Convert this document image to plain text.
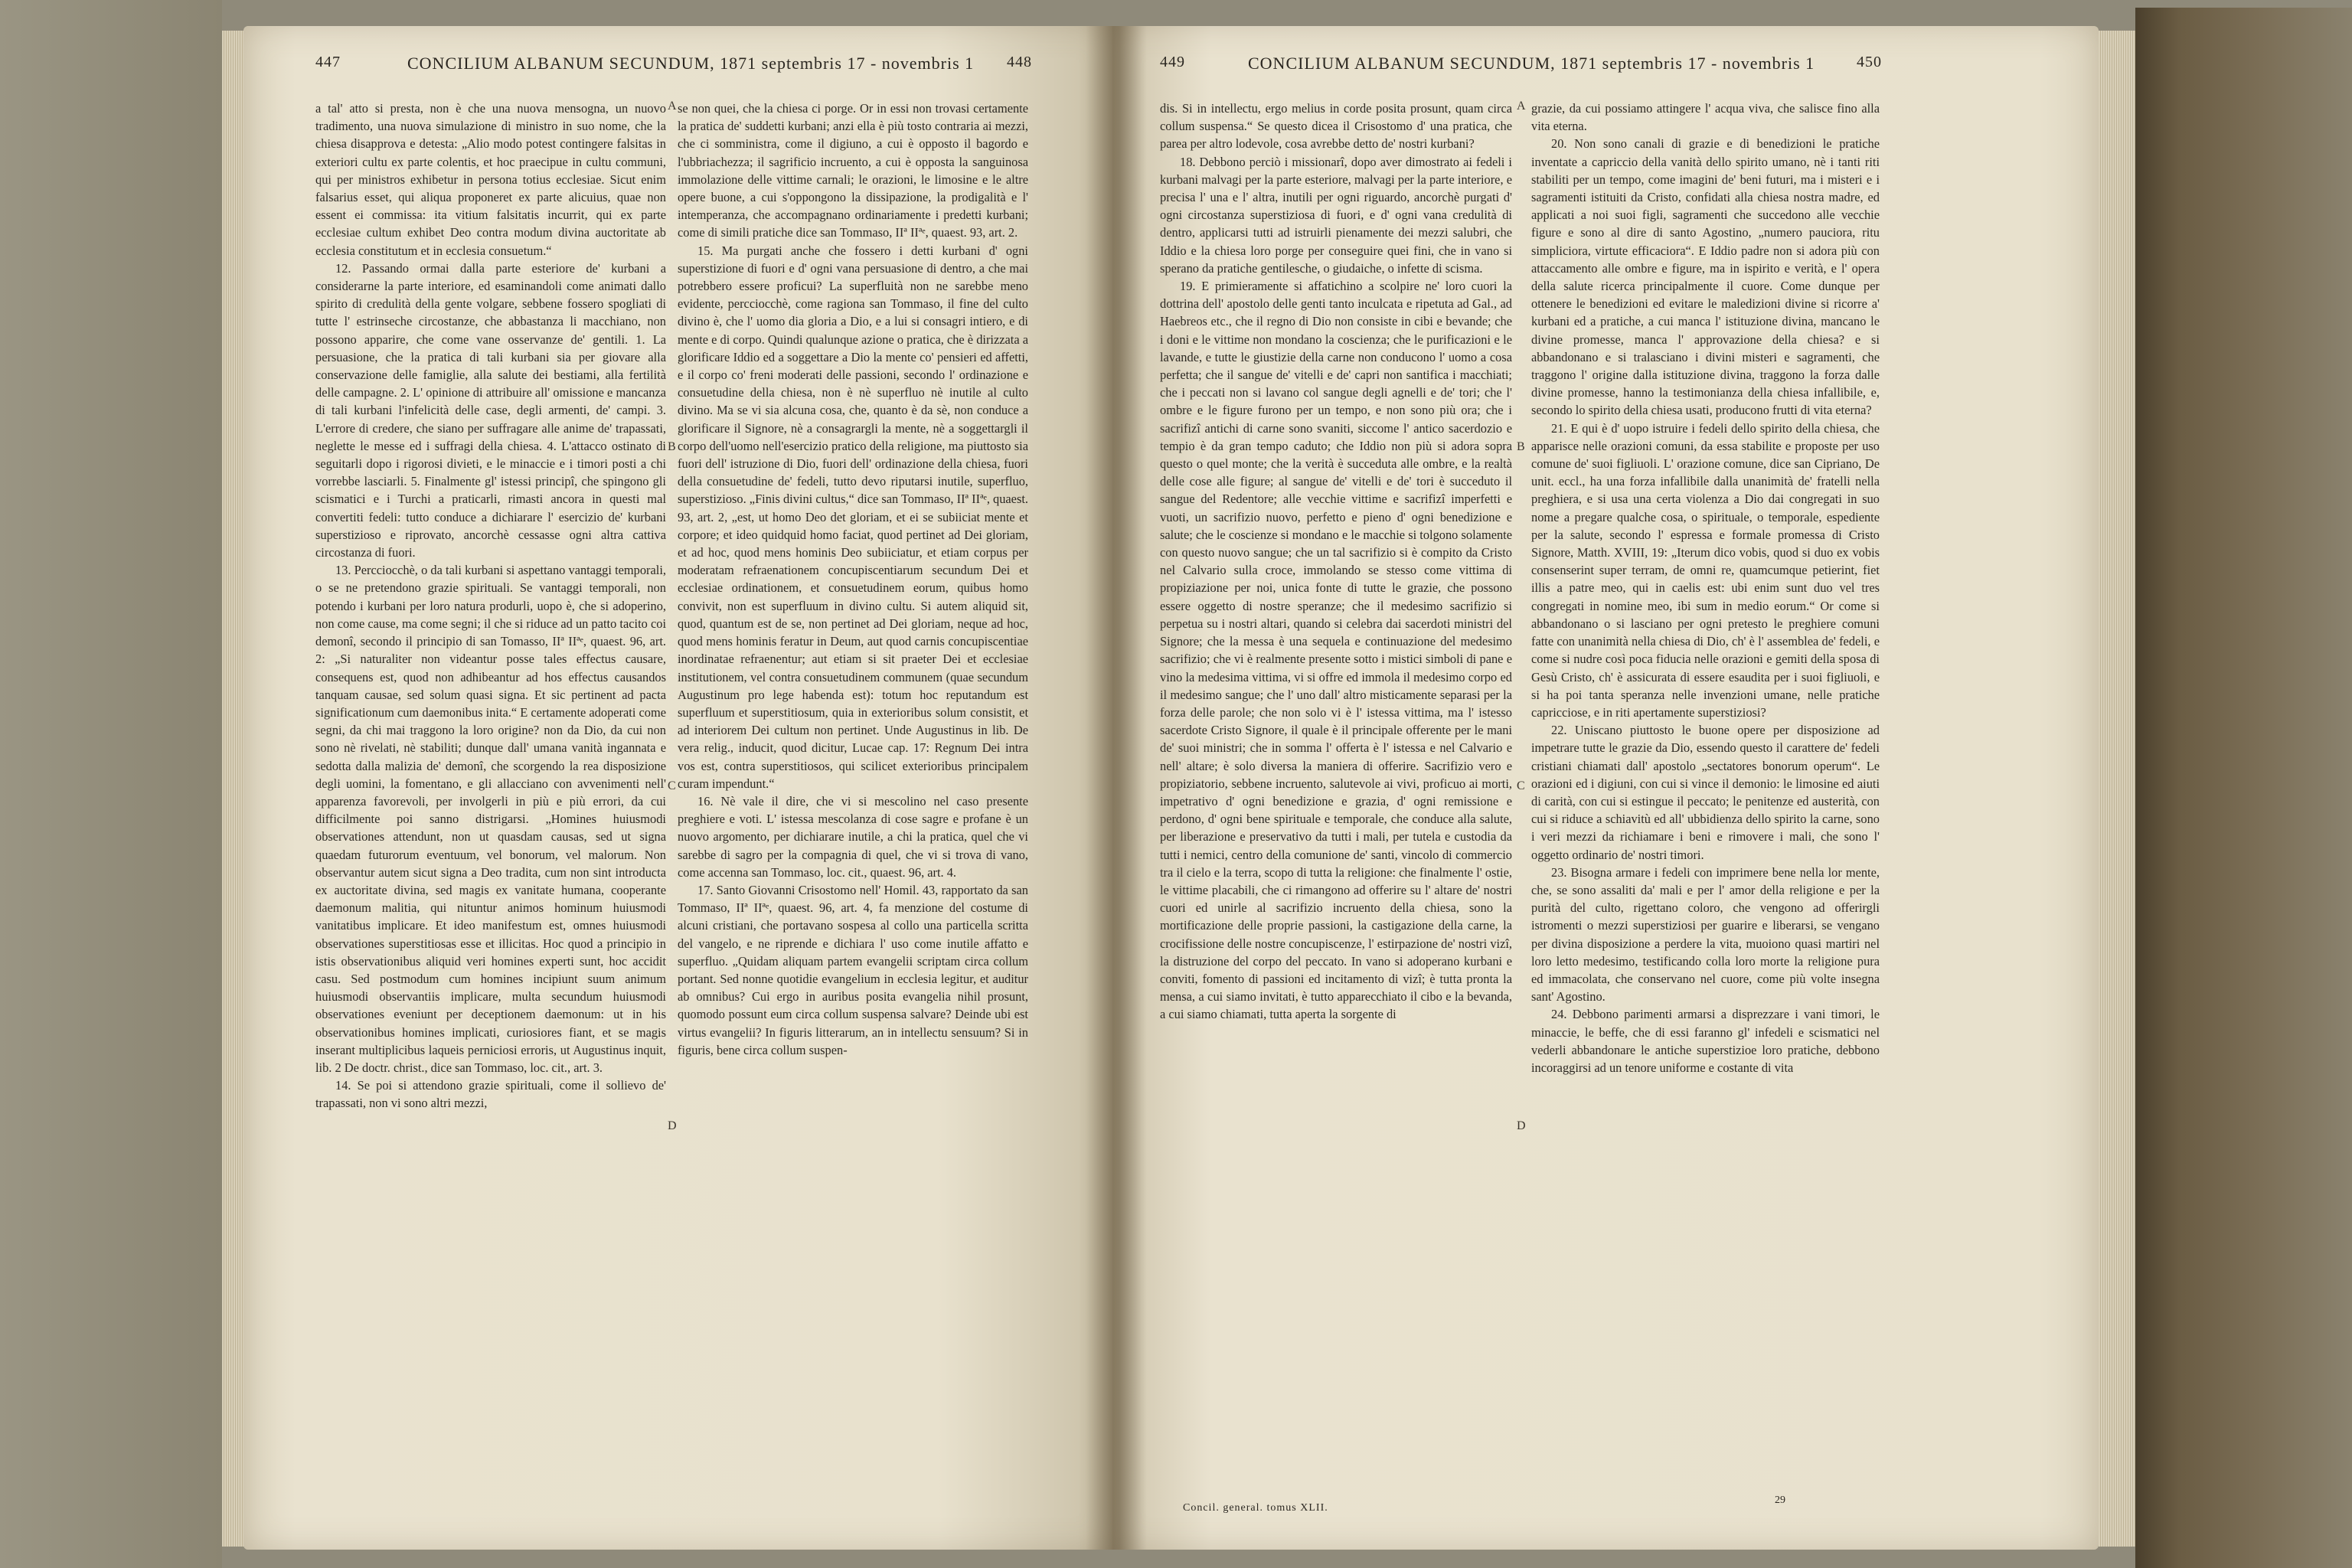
447	CONCILIUM ALBANUM SECUNDUM, 1871 septembris 17 - novembris 1 448	449	CONCILIUM ALBANUM SECUNDUM, 1871 septembris 17 - novembris 1	450

a tal' atto si presta, non è che una nuova mensogna, un nuovo tradimento, una nuova simulazione di ministro in suo nome, che la chiesa disapprova e detesta: „Alio modo potest contingere falsitas in exteriori cultu ex parte colentis, et hoc praecipue in cultu communi, qui per ministros exhibetur in persona totius ecclesiae. Sicut enim falsarius esset, qui aliqua proponeret ex parte alicuius, quae non essent ei commissa: ita vitium falsitatis incurrit, qui ex parte ecclesiae cultum exhibet Deo contra modum divina auctoritate ab ecclesia constitutum et in ecclesia consuetum.“

12. Passando ormai dalla parte esteriore de' kurbani a considerarne la parte interiore, ed esaminandoli come animati dallo spirito di credulità della gente volgare, sebbene fossero spogliati di tutte l' estrinseche circostanze, che abbastanza li macchiano, non possono apparire, che come vane osservanze de' gentili. 1. La persuasione, che la pratica di tali kurbani sia per giovare alla conservazione delle famiglie, alla salute dei bestiami, alla fertilità delle campagne. 2. L' opinione di attribuire all' omissione e mancanza di tali kurbani l'infelicità delle case, degli armenti, de' campi. 3. L'errore di credere, che siano per suffragare alle anime de' trapassati, neglette le messe ed i suffragi della chiesa. 4. L'attacco ostinato di seguitarli dopo i rigorosi divieti, e le minaccie e i timori posti a chi vorrebbe lasciarli. 5. Finalmente gl' istessi principî, che spingono gli scismatici e i Turchi a praticarli, rimasti ancora in questi mal convertiti fedeli: tutto conduce a dichiarare l' esercizio de' kurbani superstizioso e riprovato, ancorchè cessasse ogni altra cattiva circostanza di fuori.

13. Percciocchè, o da tali kurbani si aspettano vantaggi temporali, o se ne pretendono grazie spirituali. Se vantaggi temporali, non potendo i kurbani per loro natura produrli, uopo è, che si adoperino, non come cause, ma come segni; il che si riduce ad un patto tacito coi demonî, secondo il principio di san Tomasso, IIª IIªᵉ, quaest. 96, art. 2: „Si naturaliter non videantur posse tales effectus causare, consequens est, quod non adhibeantur ad hos effectus causandos tanquam causae, sed solum quasi signa. Et sic pertinent ad pacta significationum cum daemonibus inita.“ E certamente adoperati come segni, da chi mai traggono la loro origine? non da Dio, da cui non sono nè rivelati, nè stabiliti; dunque dall' umana vanità ingannata e sedotta dalla malizia de' demonî, che scorgendo la rea disposizione degli uomini, la fomentano, e gli allacciano con avvenimenti nell' apparenza favorevoli, per involgerli in più e più errori, da cui difficilmente poi sanno distrigarsi. „Homines huiusmodi observationes attendunt, non ut quasdam causas, sed ut signa quaedam futurorum eventuum, vel bonorum, vel malorum. Non observantur autem sicut signa a Deo tradita, cum non sint introducta ex auctoritate divina, sed magis ex vanitate humana, cooperante daemonum malitia, qui nituntur animos hominum huiusmodi vanitatibus implicare. Et ideo manifestum est, omnes huiusmodi observationes superstitiosas esse et illicitas. Hoc quod a principio in istis observationibus aliquid veri homines experti sunt, hoc accidit casu. Sed postmodum cum homines incipiunt suum animum huiusmodi observantiis implicare, multa secundum huiusmodi observationes eveniunt per deceptionem daemonum: ut in his observationibus homines implicati, curiosiores fiant, et se magis inserant multiplicibus laqueis perniciosi erroris, ut Augustinus inquit, lib. 2 De doctr. christ., dice san Tommaso, loc. cit., art. 3.

14. Se poi si attendono grazie spirituali, come il sollievo de' trapassati, non vi sono altri mezzi,

se non quei, che la chiesa ci porge. Or in essi non trovasi certamente la pratica de' suddetti kurbani; anzi ella è più tosto contraria ai mezzi, che ci somministra, come il digiuno, a cui è opposto il bagordo e l'ubbriachezza; il sagrificio incruento, a cui è opposta la sanguinosa immolazione delle vittime carnali; le orazioni, le limosine e le altre opere buone, a cui s'oppongono la dissipazione, la prodigalità e l' intemperanza, che accompagnano ordinariamente i predetti kurbani; come di simili pratiche dice san Tommaso, IIª IIªᵉ, quaest. 93, art. 2.

15. Ma purgati anche che fossero i detti kurbani d' ogni superstizione di fuori e d' ogni vana persuasione di dentro, a che mai potrebbero essere proficui? La superfluità non ne sarebbe meno evidente, percciocchè, come ragiona san Tommaso, il fine del culto divino è, che l' uomo dia gloria a Dio, e a lui si consagri intiero, e di mente e di corpo. Quindi qualunque azione o pratica, che è dirizzata a glorificare Iddio ed a soggettare a Dio la mente co' pensieri ed affetti, e il corpo co' freni moderati delle passioni, secondo l' ordinazione e consuetudine della chiesa, non è nè superfluo nè inutile al culto divino. Ma se vi sia alcuna cosa, che, quanto è da sè, non conduce a glorificare il Signore, nè a consagrargli la mente, nè a soggettargli il corpo dell'uomo nell'esercizio pratico della religione, ma piuttosto sia fuori dell' istruzione di Dio, fuori dell' ordinazione della chiesa, fuori della consuetudine de' fedeli, tutto devo riputarsi inutile, superfluo, superstizioso. „Finis divini cultus,“ dice san Tommaso, IIª IIªᵉ, quaest. 93, art. 2, „est, ut homo Deo det gloriam, et ei se subiiciat mente et corpore; et ideo quidquid homo faciat, quod pertinet ad Dei gloriam, et ad hoc, quod mens hominis Deo subiiciatur, et etiam corpus per moderatam refraenationem concupiscentiarum secundum Dei et ecclesiae ordinationem, et consuetudinem eorum, quibus homo convivit, non est superfluum in divino cultu. Si autem aliquid sit, quod, quantum est de se, non pertinet ad Dei gloriam, neque ad hoc, quod mens hominis feratur in Deum, aut quod carnis concupiscentiae inordinatae refraenentur; aut etiam si sit praeter Dei et ecclesiae institutionem, vel contra consuetudinem communem (quae secundum Augustinum pro lege habenda est): totum hoc reputandum est superfluum et superstitiosum, quia in exterioribus solum consistit, et ad interiorem Dei cultum non pertinet. Unde Augustinus in lib. De vera relig., inducit, quod dicitur, Lucae cap. 17: Regnum Dei intra vos est, contra superstitiosos, qui scilicet exterioribus principalem curam impendunt.“

16. Nè vale il dire, che vi si mescolino nel caso presente preghiere e voti. L' istessa mescolanza di cose sagre e profane è un nuovo argomento, per dichiarare inutile, a chi la pratica, quel che vi sarebbe di sagro per la compagnia di quel, che vi si trova di vano, come accenna san Tommaso, loc. cit., quaest. 96, art. 4.

17. Santo Giovanni Crisostomo nell' Homil. 43, rapportato da san Tommaso, IIª IIªᵉ, quaest. 96, art. 4, fa menzione del costume di alcuni cristiani, che portavano sospesa al collo una particella scritta del vangelo, e ne riprende e dichiara l' uso come inutile affatto e superfluo. „Quidam aliquam partem evangelii scriptam circa collum portant. Sed nonne quotidie evangelium in ecclesia legitur, et auditur ab omnibus? Cui ergo in auribus posita evangelia nihil prosunt, quomodo possunt eum circa collum suspensa salvare? Deinde ubi est virtus evangelii? In figuris litterarum, an in intellectu sensuum? Si in figuris, bene circa collum suspen-

dis. Si in intellectu, ergo melius in corde posita prosunt, quam circa collum suspensa.“ Se questo dicea il Crisostomo d' una pratica, che parea per altro lodevole, cosa avrebbe detto de' nostri kurbani?

18. Debbono perciò i missionarî, dopo aver dimostrato ai fedeli i kurbani malvagi per la parte esteriore, malvagi per la parte interiore, e precisa l' una e l' altra, inutili per ogni riguardo, ancorchè purgati d' ogni circostanza superstiziosa di fuori, e d' ogni vana credulità di dentro, applicarsi tutti ad istruirli pienamente dei mezzi salubri, che Iddio e la chiesa loro porge per conseguire quei fini, che in vano si sperano da pratiche gentilesche, o giudaiche, o infette di scisma.

19. E primieramente si affatichino a scolpire ne' loro cuori la dottrina dell' apostolo delle genti tanto inculcata e ripetuta ad Gal., ad Haebreos etc., che il regno di Dio non consiste in cibi e bevande; che i doni e le vittime non mondano la coscienza; che le purificazioni e le lavande, e tutte le giustizie della carne non conducono l' uomo a cosa perfetta; che il sangue de' vitelli e de' capri non santifica i macchiati; che i peccati non si lavano col sangue degli agnelli e de' tori; che l' ombre e le figure furono per un tempo, e non sono più ora; che i sacrifizî antichi di carne sono svaniti, siccome l' antico sacerdozio e tempio è da gran tempo caduto; che Iddio non più si adora sopra questo o quel monte; che la verità è succeduta alle ombre, e la realtà delle cose alle figure; al sangue de' vitelli e de' tori è succeduto il sangue del Redentore; alle vecchie vittime e sacrifizî imperfetti e vuoti, un sacrifizio nuovo, perfetto e pieno d' ogni benedizione e salute; che le coscienze si mondano e le macchie si tolgono solamente con questo nuovo sangue; che un tal sacrifizio si è compito da Cristo nel Calvario sulla croce, immolando se stesso come vittima di propiziazione per noi, unica fonte di tutte le grazie, che possono essere oggetto di nostre speranze; che il medesimo sacrifizio si perpetua su i nostri altari, quando si celebra dai sacerdoti ministri del Signore; che la messa è una sequela e continuazione del medesimo sacrifizio; che vi è realmente presente sotto i mistici simboli di pane e vino la medesima vittima, vi si offre ed immola il medesimo corpo ed il medesimo sangue; che l' uno dall' altro misticamente separasi per la forza delle parole; che non solo vi è l' istessa vittima, ma l' istesso sacerdote Cristo Signore, il quale è il principale offerente per le mani de' suoi ministri; che in somma l' offerta è l' istessa e nel Calvario e nell' altare; è solo diversa la maniera di offerire. Sacrifizio vero e propiziatorio, sebbene incruento, salutevole ai vivi, proficuo ai morti, impetrativo d' ogni benedizione e grazia, d' ogni remissione e perdono, d' ogni bene spirituale e temporale, che conduce alla salute, per liberazione e preservativo da tutti i mali, per tutela e custodia da tutti i nemici, centro della comunione de' santi, vincolo di commercio tra il cielo e la terra, scopo di tutta la religione: che finalmente l' ostie, le vittime placabili, che ci rimangono ad offerire su l' altare de' nostri cuori ed unirle al sacrifizio incruento della chiesa, sono la mortificazione delle proprie passioni, la castigazione della carne, la crocifissione delle nostre concupiscenze, l' estirpazione de' nostri vizî, la distruzione del corpo del peccato. In vano si adoperano kurbani e conviti, fomento di passioni ed incitamento di vizî; è tutta pronta la mensa, a cui siamo invitati, è tutto apparecchiato il cibo e la bevanda, a cui siamo chiamati, tutta aperta la sorgente di

grazie, da cui possiamo attingere l' acqua viva, che salisce fino alla vita eterna.

20. Non sono canali di grazie e di benedizioni le pratiche inventate a capriccio della vanità dello spirito umano, nè i tanti riti stabiliti per un tempo, come imagini de' beni futuri, ma i misteri e i sagramenti istituiti da Cristo, confidati alla chiesa nostra madre, ed applicati a noi suoi figli, sagramenti che succedono alle vecchie figure e sono al dire di santo Agostino, „numero pauciora, ritu simpliciora, virtute efficaciora“. E Iddio padre non si adora più con attaccamento alle ombre e figure, ma in ispirito e verità, e l' opera della salute ricerca principalmente il cuore. Come dunque per ottenere le benedizioni ed evitare le maledizioni divine si ricorre a' kurbani ed a pratiche, a cui manca l' istituzione divina, mancano le divine promesse, manca l' approvazione della chiesa? e si abbandonano e si tralasciano i divini misteri e sagramenti, che traggono l' origine dalla istituzione divina, traggono la forza dalle divine promesse, hanno la testimonianza della chiesa infallibile, e, secondo lo spirito della chiesa usati, producono frutti di vita eterna?

21. E qui è d' uopo istruire i fedeli dello spirito della chiesa, che apparisce nelle orazioni comuni, da essa stabilite e proposte per uso comune de' suoi figliuoli. L' orazione comune, dice san Cipriano, De unit. eccl., ha una forza infallibile dalla unanimità de' fratelli nella preghiera, e si usa una certa violenza a Dio dai congregati in suo nome a pregare qualche cosa, o spirituale, o temporale, espediente per la salute, secondo l' espressa e formale promessa di Cristo Signore, Matth. XVIII, 19: „Iterum dico vobis, quod si duo ex vobis consenserint super terram, de omni re, quamcumque petierint, fiet illis a patre meo, qui in caelis est: ubi enim sunt duo vel tres congregati in nomine meo, ibi sum in medio eorum.“ Or come si abbandonano o si lasciano per ogni pretesto le preghiere comuni fatte con unanimità nella chiesa di Dio, ch' è l' assemblea de' fedeli, e come si nudre così poca fiducia nelle orazioni e gemiti della sposa di Gesù Cristo, ch' è assicurata di essere esaudita per i suoi figliuoli, e si ha poi tanta speranza nelle invenzioni umane, nelle pratiche capricciose, e in riti apertamente superstiziosi?

22. Uniscano piuttosto le buone opere per disposizione ad impetrare tutte le grazie da Dio, essendo questo il carattere de' fedeli cristiani chiamati dall' apostolo „sectatores bonorum operum“. Le orazioni ed i digiuni, con cui si vince il demonio: le limosine ed aiuti di carità, con cui si estingue il peccato; le penitenze ed austerità, con cui si riduce a schiavitù ed all' ubbidienza dello spirito la carne, sono i veri mezzi da richiamare i beni e rimovere i mali, che sono l' oggetto ordinario de' nostri timori.

23. Bisogna armare i fedeli con imprimere bene nella lor mente, che, se sono assaliti da' mali e per l' amor della religione e per la purità del culto, rigettano coloro, che vengono ad offerirgli istromenti o mezzi superstiziosi per guarire e liberarsi, se vengano per divina disposizione a perdere la vita, muoiono quasi martiri nel loro letto medesimo, testificando colla loro morte la religione pura ed immacolata, che conservano nel cuore, come più volte insegna sant' Agostino.

24. Debbono parimenti armarsi a disprezzare i vani timori, le minaccie, le beffe, che di essi faranno gl' infedeli e scismatici nel vederli abbandonare le antiche superstizioe loro pratiche, debbono incoraggirsi ad un tenore uniforme e costante di vita

A
B
C
D
A
B
C
D
Concil. general. tomus XLII.
29
